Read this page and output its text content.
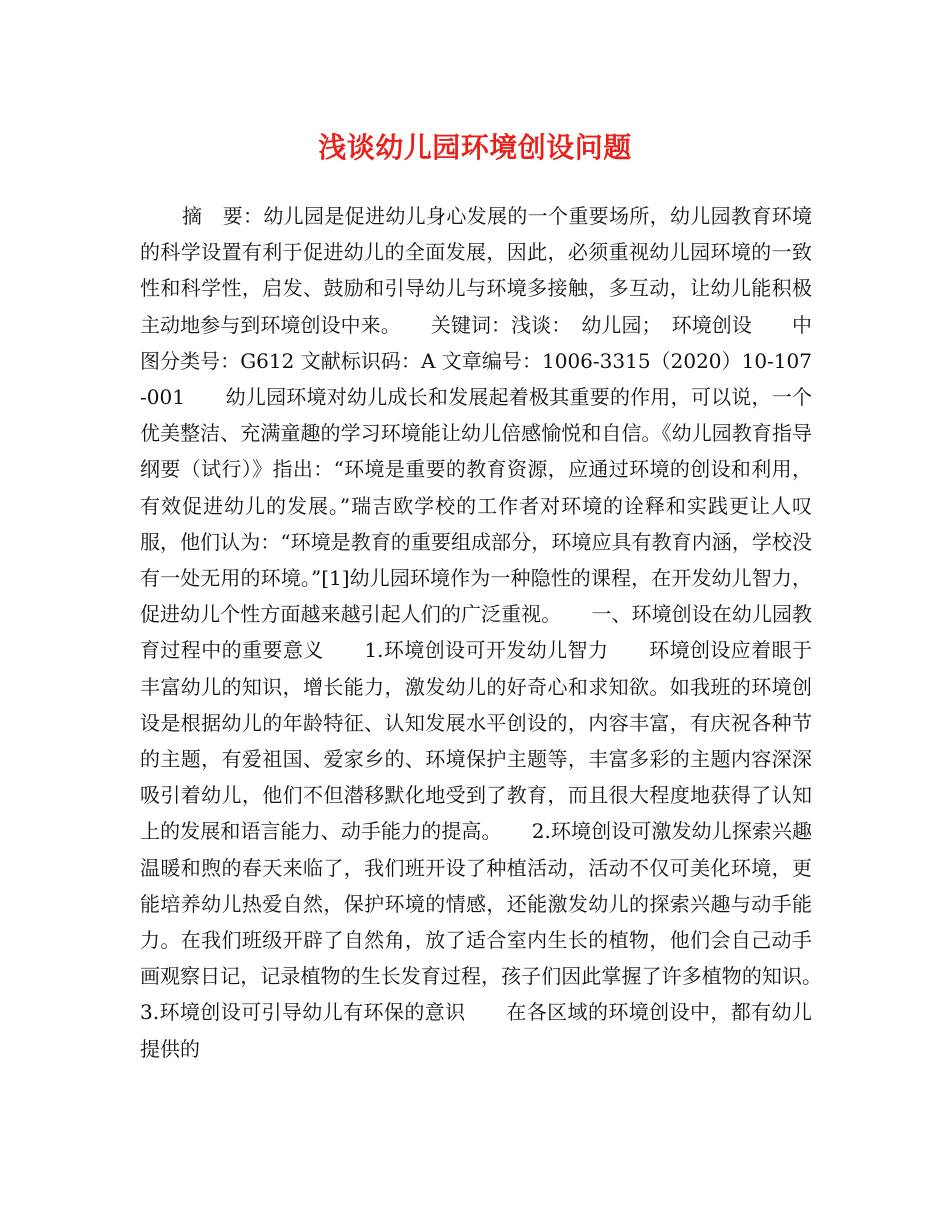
浅谈幼儿园环境创设问题

摘　要：幼儿园是促进幼儿身心发展的一个重要场所，幼儿园教育环境的科学设置有利于促进幼儿的全面发展，因此，必须重视幼儿园环境的一致性和科学性，启发、鼓励和引导幼儿与环境多接触，多互动，让幼儿能积极主动地参与到环境创设中来。　　关键词：浅谈：　幼儿园；　环境创设　　中图分类号：G612 文献标识码：A 文章编号：1006-3315（2020）10-107-001　　幼儿园环境对幼儿成长和发展起着极其重要的作用，可以说，一个优美整洁、充满童趣的学习环境能让幼儿倍感愉悦和自信。《幼儿园教育指导纲要（试行）》指出：“环境是重要的教育资源，应通过环境的创设和利用，有效促进幼儿的发展。”瑞吉欧学校的工作者对环境的诠释和实践更让人叹服，他们认为：“环境是教育的重要组成部分，环境应具有教育内涵，学校没有一处无用的环境。”[1]幼儿园环境作为一种隐性的课程，在开发幼儿智力，促进幼儿个性方面越来越引起人们的广泛重视。　　一、环境创设在幼儿园教育过程中的重要意义　　1.环境创设可开发幼儿智力　　环境创设应着眼于丰富幼儿的知识，增长能力，激发幼儿的好奇心和求知欲。如我班的环境创设是根据幼儿的年龄特征、认知发展水平创设的，内容丰富，有庆祝各种节的主题，有爱祖国、爱家乡的、环境保护主题等，丰富多彩的主题内容深深吸引着幼儿，他们不但潜移默化地受到了教育，而且很大程度地获得了认知上的发展和语言能力、动手能力的提高。　　2.环境创设可激发幼儿探索兴趣　　温暖和煦的春天来临了，我们班开设了种植活动，活动不仅可美化环境，更能培养幼儿热爱自然，保护环境的情感，还能激发幼儿的探索兴趣与动手能力。在我们班级开辟了自然角，放了适合室内生长的植物，他们会自己动手画观察日记，记录植物的生长发育过程，孩子们因此掌握了许多植物的知识。　　3.环境创设可引导幼儿有环保的意识　　在各区域的环境创设中，都有幼儿提供的
